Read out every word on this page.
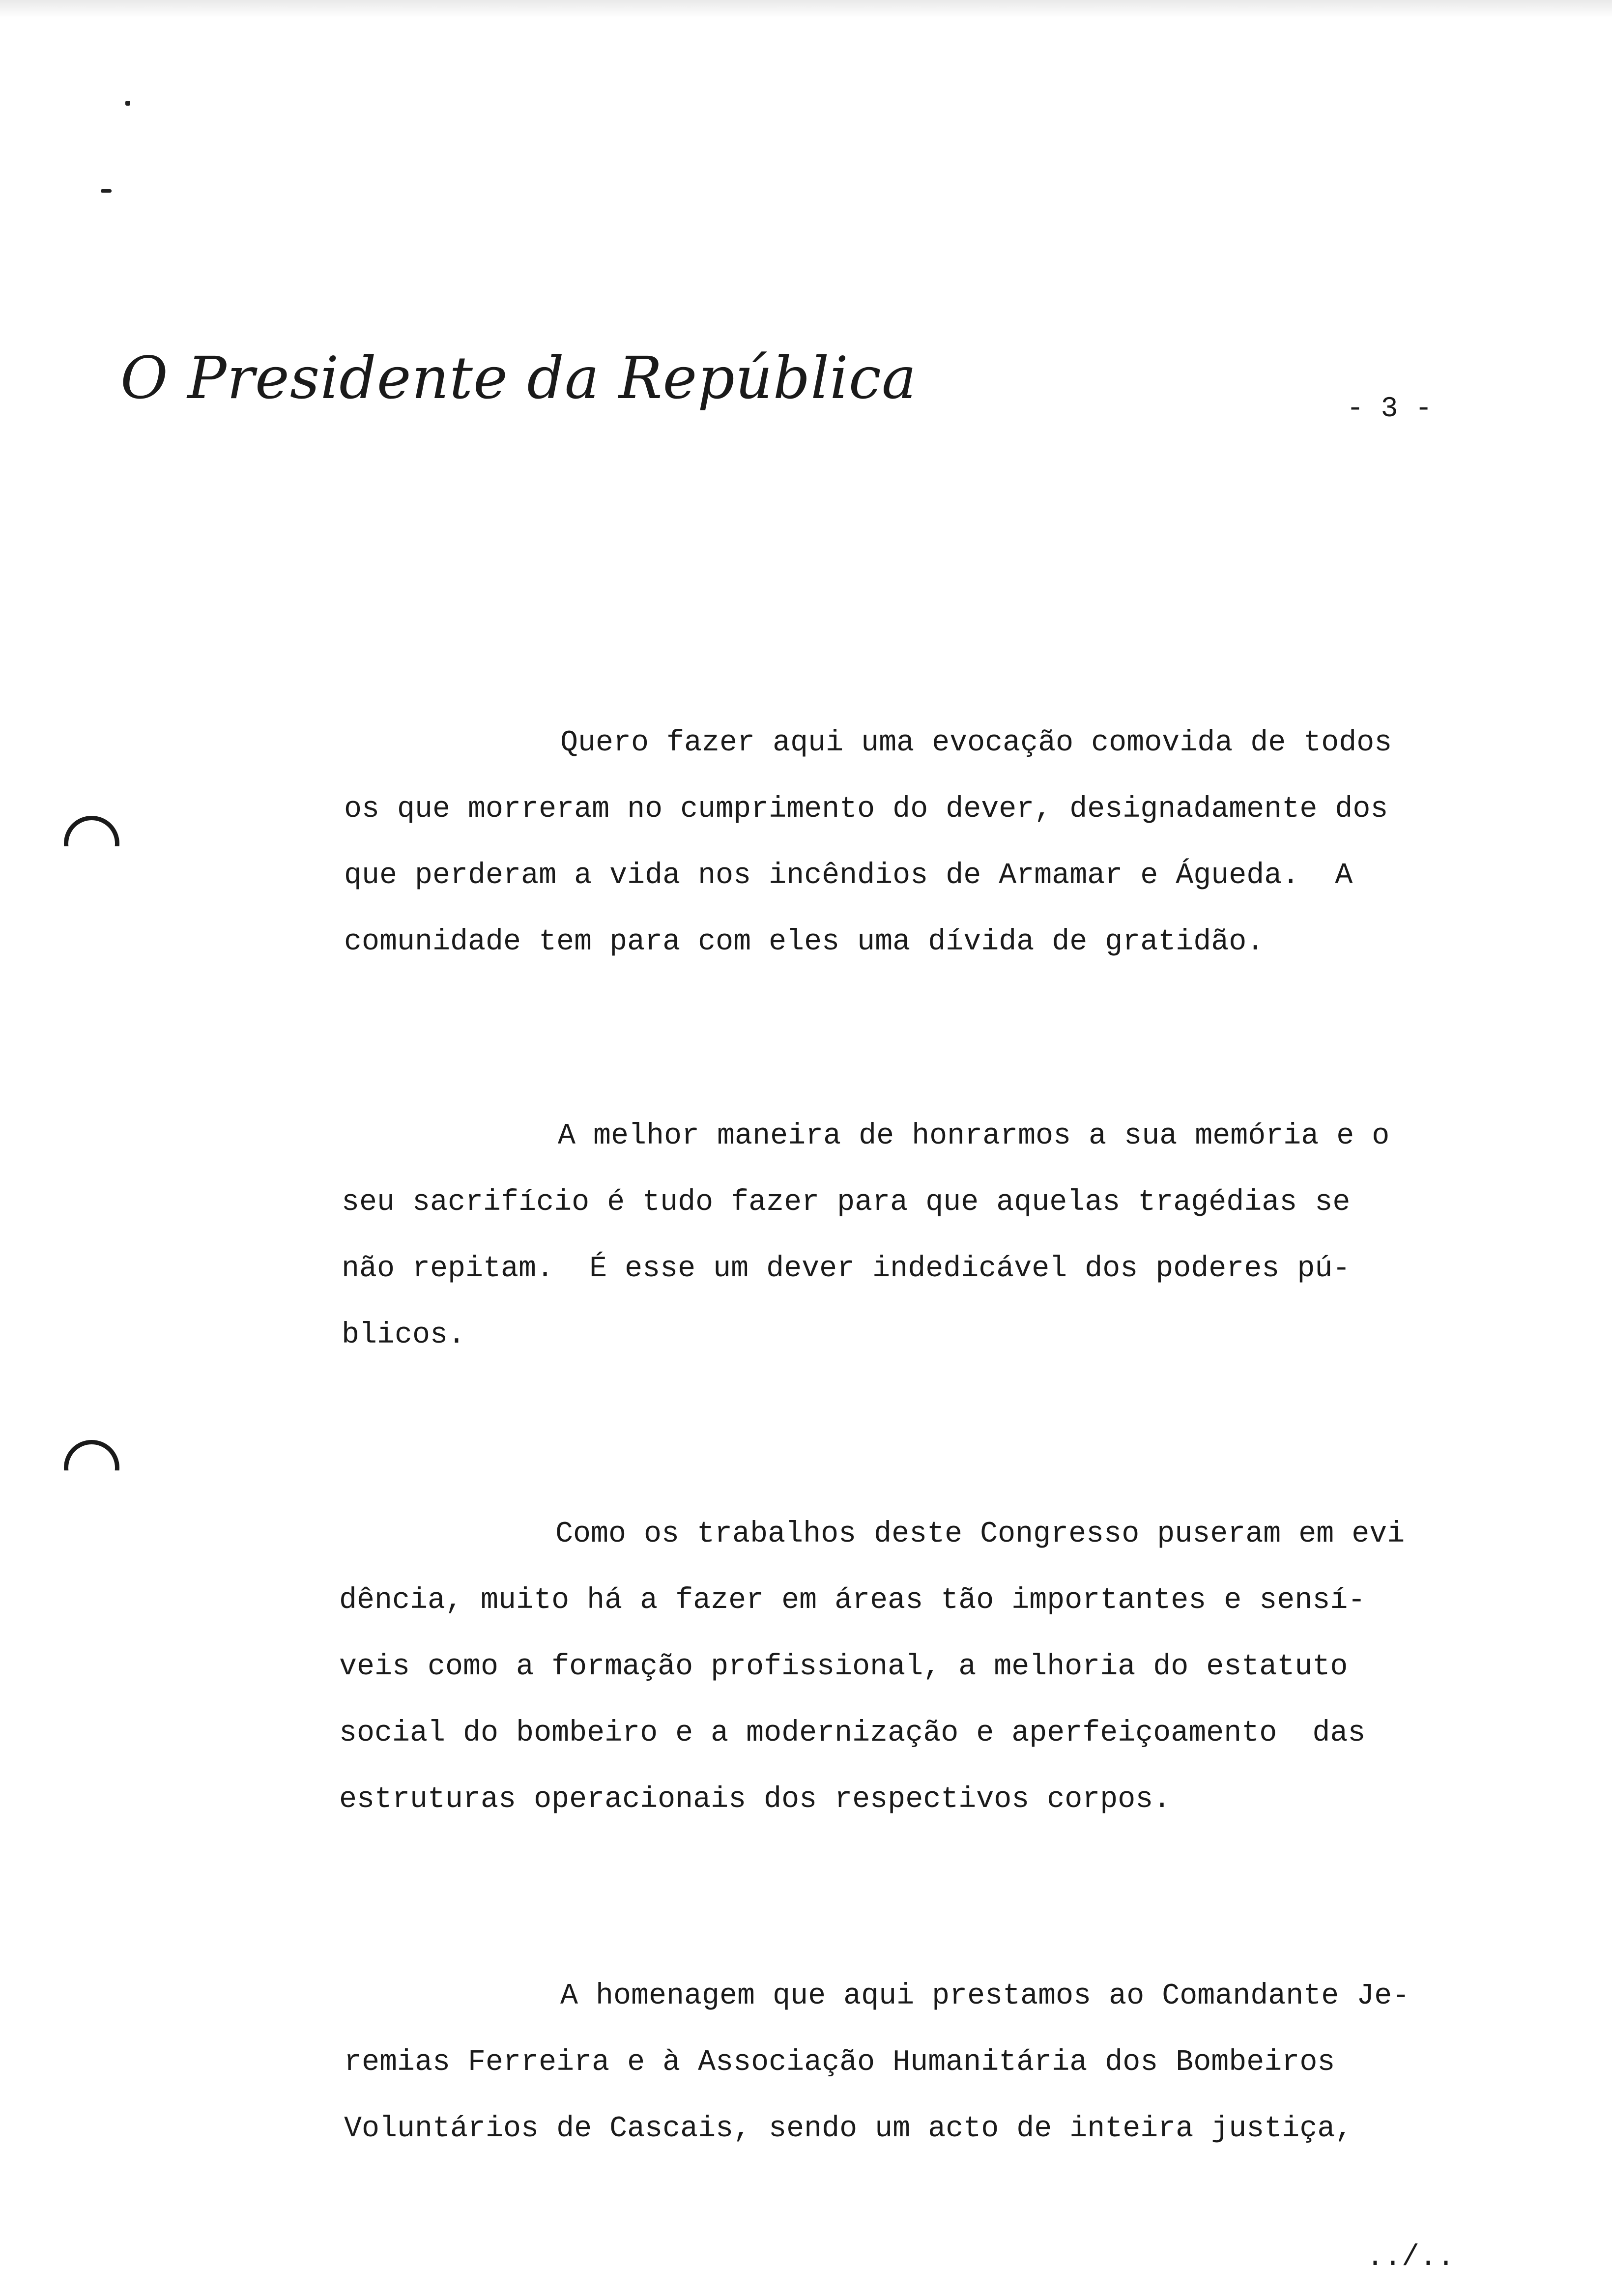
O Presidente da República	- 3 -

Quero fazer aqui uma evocação comovida de todos
os que morreram no cumprimento do dever, designadamente dos
que perderam a vida nos incêndios de Armamar e Águeda.  A
comunidade tem para com eles uma dívida de gratidão.

A melhor maneira de honrarmos a sua memória e o
seu sacrifício é tudo fazer para que aquelas tragédias se
não repitam.  É esse um dever indedicável dos poderes pú-
blicos.

Como os trabalhos deste Congresso puseram em evi
dência, muito há a fazer em áreas tão importantes e sensí-
veis como a formação profissional, a melhoria do estatuto
social do bombeiro e a modernização e aperfeiçoamento  das
estruturas operacionais dos respectivos corpos.

A homenagem que aqui prestamos ao Comandante Je-
remias Ferreira e à Associação Humanitária dos Bombeiros
Voluntários de Cascais, sendo um acto de inteira justiça,

../..
